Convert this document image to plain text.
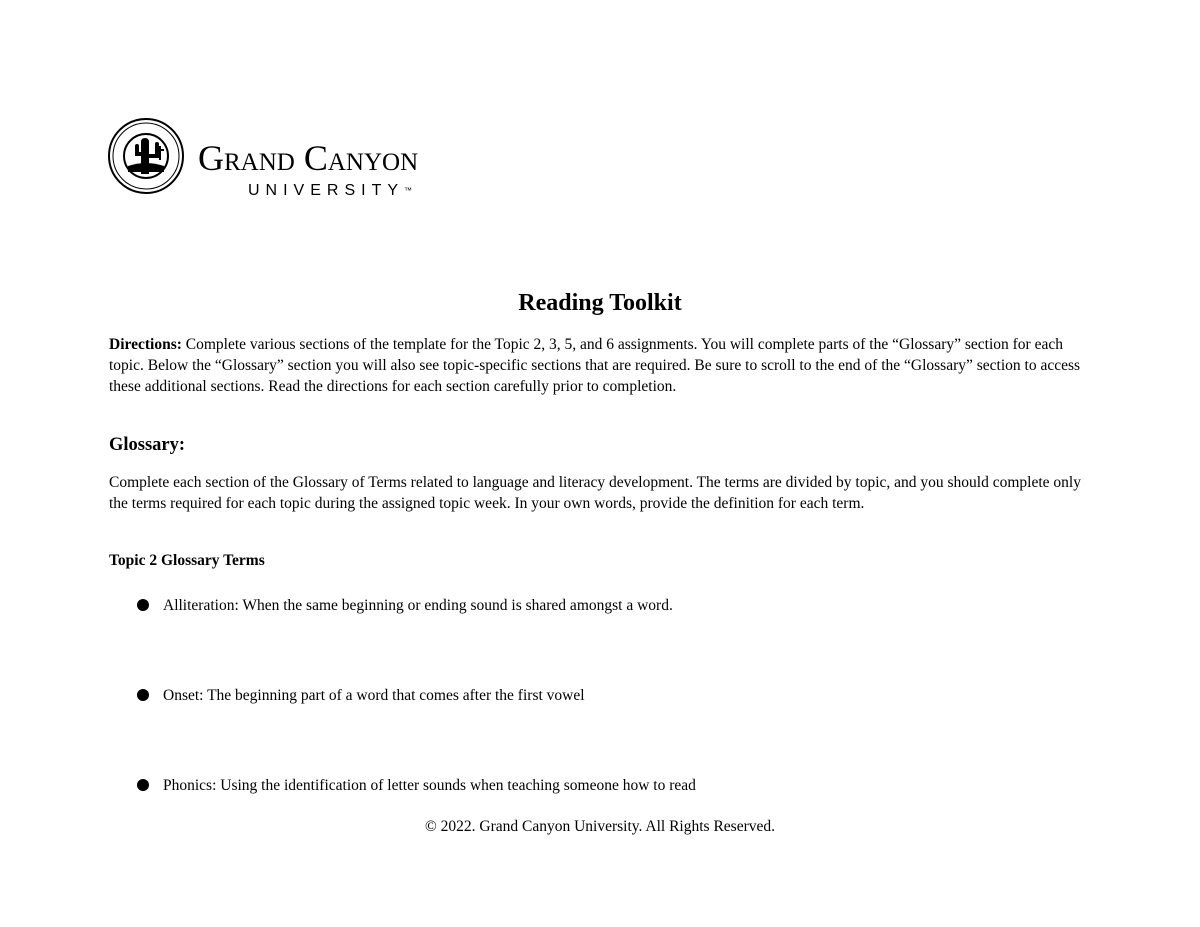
Grand Canyon
UNIVERSITY™
Reading Toolkit
Directions: Complete various sections of the template for the Topic 2, 3, 5, and 6 assignments. You will complete parts of the “Glossary” section for each topic. Below the “Glossary” section you will also see topic-specific sections that are required. Be sure to scroll to the end of the “Glossary” section to access these additional sections. Read the directions for each section carefully prior to completion.
Glossary:
Complete each section of the Glossary of Terms related to language and literacy development. The terms are divided by topic, and you should complete only the terms required for each topic during the assigned topic week. In your own words, provide the definition for each term.
Topic 2 Glossary Terms
Alliteration: When the same beginning or ending sound is shared amongst a word.
Onset: The beginning part of a word that comes after the first vowel
Phonics: Using the identification of letter sounds when teaching someone how to read
© 2022. Grand Canyon University. All Rights Reserved.
